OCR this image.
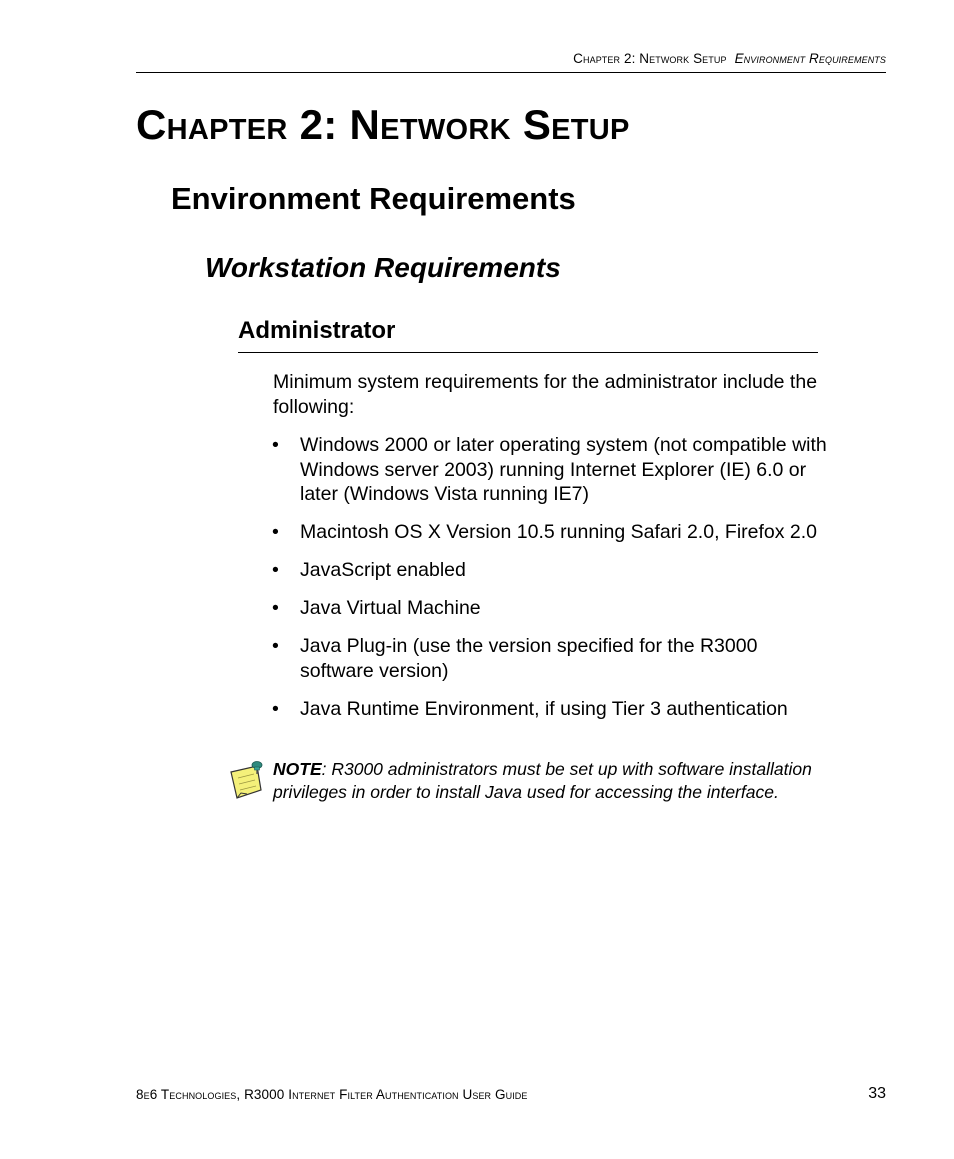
Chapter 2: Network Setup Environment Requirements
Chapter 2: Network Setup
Environment Requirements
Workstation Requirements
Administrator

Minimum system requirements for the administrator include the following:

• Windows 2000 or later operating system (not compatible with Windows server 2003) running Internet Explorer (IE) 6.0 or later (Windows Vista running IE7)
• Macintosh OS X Version 10.5 running Safari 2.0, Firefox 2.0
• JavaScript enabled
• Java Virtual Machine
• Java Plug-in (use the version specified for the R3000 software version)
• Java Runtime Environment, if using Tier 3 authentication

NOTE: R3000 administrators must be set up with software installation privileges in order to install Java used for accessing the interface.

8e6 Technologies, R3000 Internet Filter Authentication User Guide	33
